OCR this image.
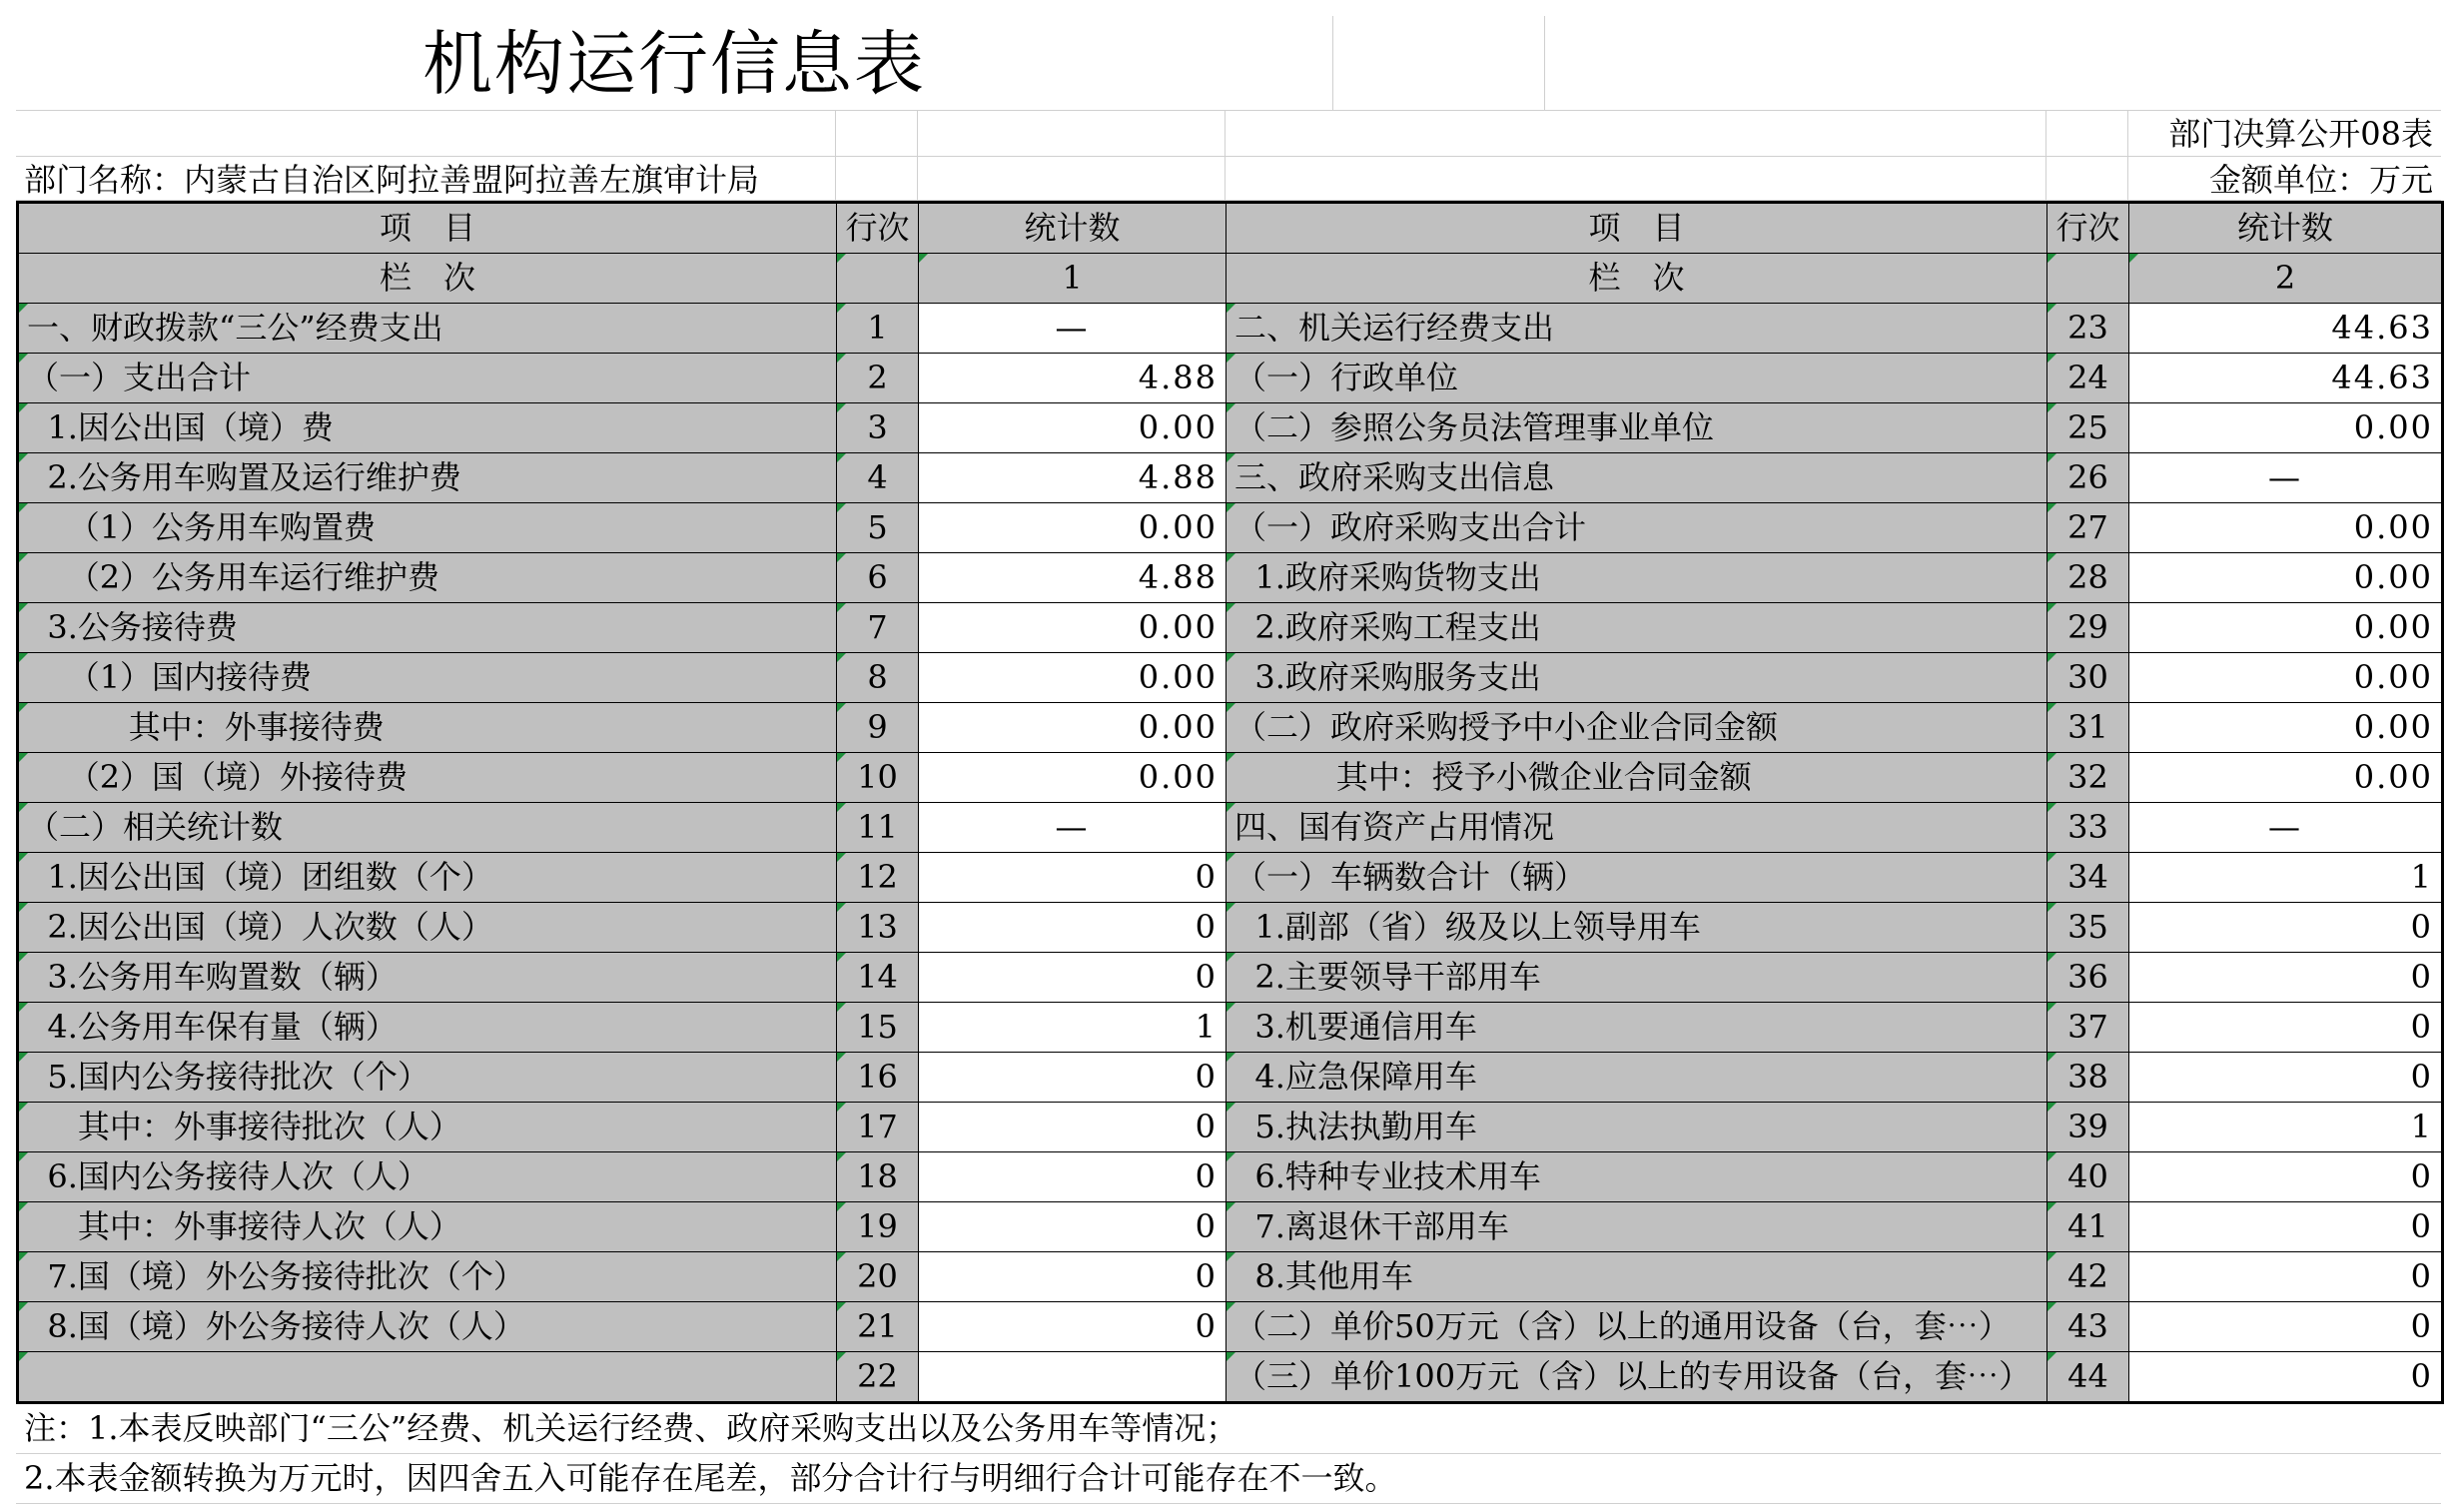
机构运行信息表
部门决算公开08表
部门名称：内蒙古自治区阿拉善盟阿拉善左旗审计局	金额单位：万元
项　目	行次	统计数	项　目	行次	统计数
栏　次		1	栏　次		2
一、财政拨款“三公”经费支出	1	—	二、机关运行经费支出	23	44.63
（一）支出合计	2	4.88	（一）行政单位	24	44.63
1.因公出国（境）费	3	0.00	（二）参照公务员法管理事业单位	25	0.00
2.公务用车购置及运行维护费	4	4.88	三、政府采购支出信息	26	—
（1）公务用车购置费	5	0.00	（一）政府采购支出合计	27	0.00
（2）公务用车运行维护费	6	4.88	1.政府采购货物支出	28	0.00
3.公务接待费	7	0.00	2.政府采购工程支出	29	0.00
（1）国内接待费	8	0.00	3.政府采购服务支出	30	0.00
其中：外事接待费	9	0.00	（二）政府采购授予中小企业合同金额	31	0.00
（2）国（境）外接待费	10	0.00	其中：授予小微企业合同金额	32	0.00
（二）相关统计数	11	—	四、国有资产占用情况	33	—
1.因公出国（境）团组数（个）	12	0	（一）车辆数合计（辆）	34	1
2.因公出国（境）人次数（人）	13	0	1.副部（省）级及以上领导用车	35	0
3.公务用车购置数（辆）	14	0	2.主要领导干部用车	36	0
4.公务用车保有量（辆）	15	1	3.机要通信用车	37	0
5.国内公务接待批次（个）	16	0	4.应急保障用车	38	0
其中：外事接待批次（人）	17	0	5.执法执勤用车	39	1
6.国内公务接待人次（人）	18	0	6.特种专业技术用车	40	0
其中：外事接待人次（人）	19	0	7.离退休干部用车	41	0
7.国（境）外公务接待批次（个）	20	0	8.其他用车	42	0
8.国（境）外公务接待人次（人）	21	0	（二）单价50万元（含）以上的通用设备（台，套⋯）	43	0
	22		（三）单价100万元（含）以上的专用设备（台，套⋯）	44	0
注：1.本表反映部门“三公”经费、机关运行经费、政府采购支出以及公务用车等情况；
2.本表金额转换为万元时，因四舍五入可能存在尾差，部分合计行与明细行合计可能存在不一致。
